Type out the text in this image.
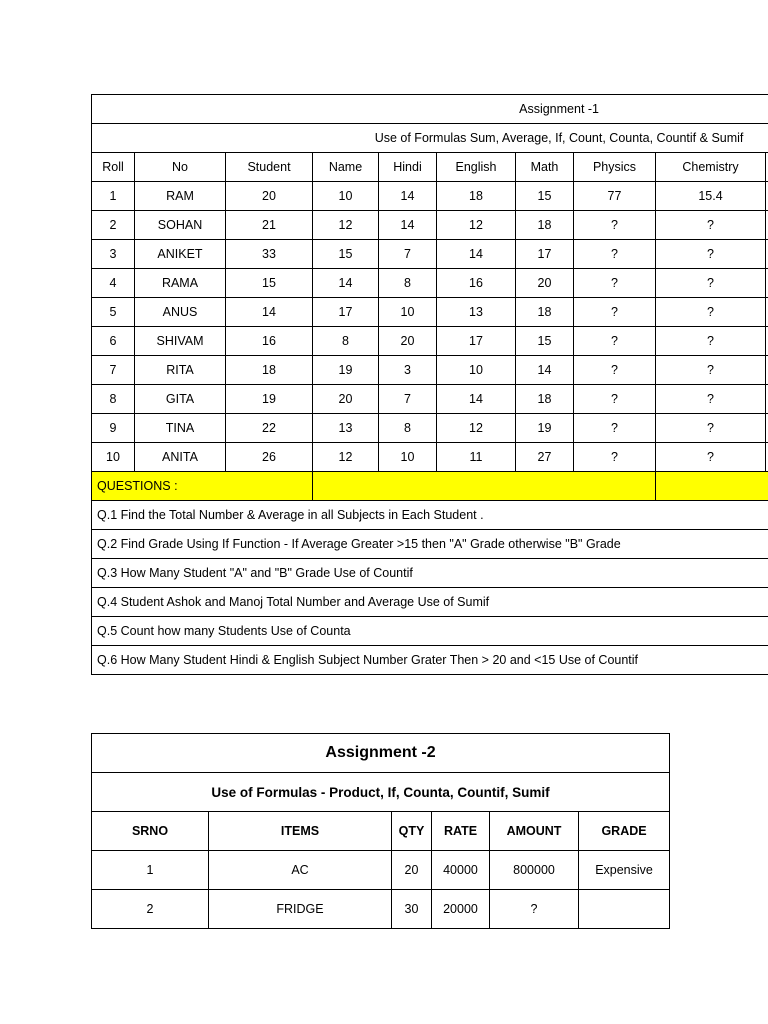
Assignment -1									
Use of Formulas Sum, Average, If, Count, Counta, Countif & Sumif									
Roll	No	Student	Name	Hindi	English	Math	Physics	Chemistry	
1	RAM	20	10	14	18	15	77	15.4	
2	SOHAN	21	12	14	12	18	?	?	
3	ANIKET	33	15	7	14	17	?	?	
4	RAMA	15	14	8	16	20	?	?	
5	ANUS	14	17	10	13	18	?	?	
6	SHIVAM	16	8	20	17	15	?	?	
7	RITA	18	19	3	10	14	?	?	
8	GITA	19	20	7	14	18	?	?	
9	TINA	22	13	8	12	19	?	?	
10	ANITA	26	12	10	11	27	?	?	
QUESTIONS :									
Q.1 Find the Total Number & Average in all Subjects in Each Student .									
Q.2 Find Grade Using If Function - If Average Greater >15 then "A" Grade otherwise "B" Grade									
Q.3 How Many Student "A" and "B" Grade Use of Countif									
Q.4 Student Ashok and Manoj Total Number and Average Use of Sumif									
Q.5 Count how many Students Use of Counta									
Q.6 How Many Student Hindi & English Subject Number Grater Then > 20 and <15 Use of Countif									
Assignment -2					
Use of Formulas - Product, If, Counta, Countif, Sumif					
SRNO	ITEMS	QTY	RATE	AMOUNT	GRADE
1	AC	20	40000	800000	Expensive
2	FRIDGE	30	20000	?	
